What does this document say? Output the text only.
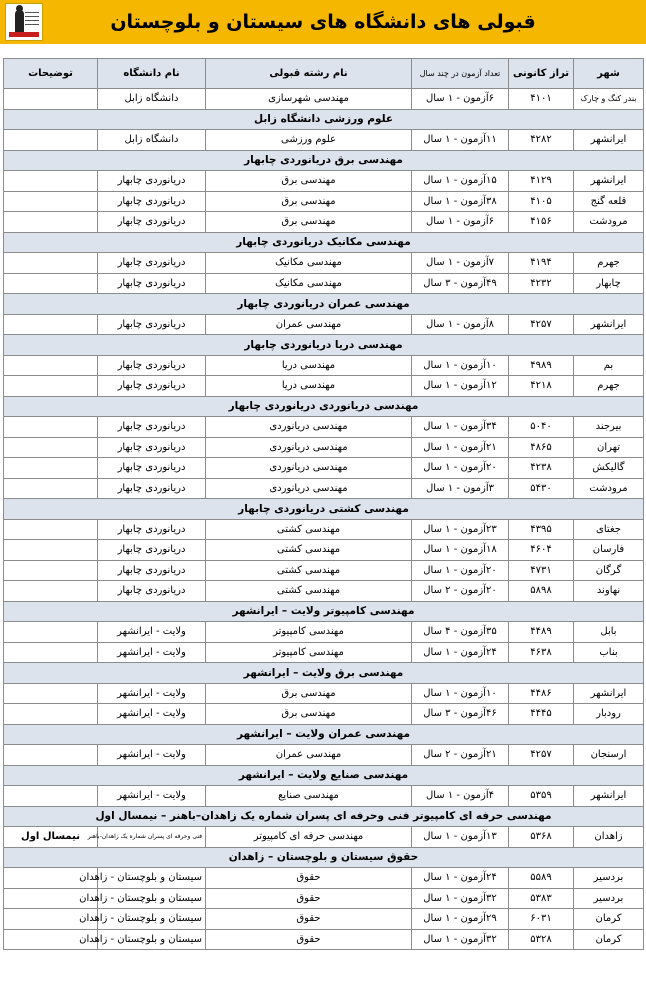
قبولی های دانشگاه های سیستان و بلوچستان
شهر	تراز کانونی	تعداد آزمون در چند سال	نام رشته قبولی	نام دانشگاه	توضیحات
بندر کنگ و چارک	۴۱۰۱	۶آزمون - ۱ سال	مهندسی شهرسازی	دانشگاه زابل	
علوم ورزشی دانشگاه زابل					
ایرانشهر	۴۲۸۲	۱۱آزمون - ۱ سال	علوم ورزشی	دانشگاه زابل	
مهندسی برق دریانوردی چابهار					
ایرانشهر	۴۱۲۹	۱۵آزمون - ۱ سال	مهندسی برق	دریانوردی چابهار	
قلعه گنج	۴۱۰۵	۳۸آزمون - ۱ سال	مهندسی برق	دریانوردی چابهار	
مرودشت	۴۱۵۶	۶آزمون - ۱ سال	مهندسی برق	دریانوردی چابهار	
مهندسی مکانیک دریانوردی چابهار					
جهرم	۴۱۹۴	۷آزمون - ۱ سال	مهندسی مکانیک	دریانوردی چابهار	
چابهار	۴۲۳۲	۴۹آزمون - ۳ سال	مهندسی مکانیک	دریانوردی چابهار	
مهندسی عمران دریانوردی چابهار					
ایرانشهر	۴۲۵۷	۸آزمون - ۱ سال	مهندسی عمران	دریانوردی چابهار	
مهندسی دریا دریانوردی چابهار					
بم	۴۹۸۹	۱۰آزمون - ۱ سال	مهندسی دریا	دریانوردی چابهار	
جهرم	۴۲۱۸	۱۲آزمون - ۱ سال	مهندسی دریا	دریانوردی چابهار	
مهندسی دریانوردی دریانوردی چابهار					
بیرجند	۵۰۴۰	۳۴آزمون - ۱ سال	مهندسی دریانوردی	دریانوردی چابهار	
تهران	۴۸۶۵	۲۱آزمون - ۱ سال	مهندسی دریانوردی	دریانوردی چابهار	
گالیکش	۴۲۳۸	۲۰آزمون - ۱ سال	مهندسی دریانوردی	دریانوردی چابهار	
مرودشت	۵۴۳۰	۳آزمون - ۱ سال	مهندسی دریانوردی	دریانوردی چابهار	
مهندسی کشتی دریانوردی چابهار					
جغتای	۴۳۹۵	۲۳آزمون - ۱ سال	مهندسی کشتی	دریانوردی چابهار	
فارسان	۴۶۰۴	۱۸آزمون - ۱ سال	مهندسی کشتی	دریانوردی چابهار	
گرگان	۴۷۳۱	۲۰آزمون - ۱ سال	مهندسی کشتی	دریانوردی چابهار	
نهاوند	۵۸۹۸	۲۰آزمون - ۲ سال	مهندسی کشتی	دریانوردی چابهار	
مهندسی کامپیوتر ولایت – ایرانشهر					
بابل	۴۴۸۹	۳۵آزمون - ۴ سال	مهندسی کامپیوتر	ولایت - ایرانشهر	
بناب	۴۶۳۸	۲۴آزمون - ۱ سال	مهندسی کامپیوتر	ولایت - ایرانشهر	
مهندسی برق ولایت – ایرانشهر					
ایرانشهر	۴۴۸۶	۱۰آزمون - ۱ سال	مهندسی برق	ولایت - ایرانشهر	
رودبار	۴۴۴۵	۴۶آزمون - ۳ سال	مهندسی برق	ولایت - ایرانشهر	
مهندسی عمران ولایت – ایرانشهر					
ارسنجان	۴۲۵۷	۲۱آزمون - ۲ سال	مهندسی عمران	ولایت - ایرانشهر	
مهندسی صنایع ولایت – ایرانشهر					
ایرانشهر	۵۳۵۹	۴آزمون - ۱ سال	مهندسی صنایع	ولایت - ایرانشهر	
مهندسی حرفه ای کامپیوتر فنی وحرفه ای پسران شماره یک زاهدان–باهنر – نیمسال اول					
زاهدان	۵۳۶۸	۱۳آزمون - ۱ سال	مهندسی حرفه ای کامپیوتر	فنی وحرفه ای پسران شماره یک زاهدان-باهنر	نیمسال اول
حقوق سیستان و بلوچستان – زاهدان					
بردسیر	۵۵۸۹	۲۴آزمون - ۱ سال	حقوق	سیستان و بلوچستان - زاهدان	
بردسیر	۵۳۸۳	۳۲آزمون - ۱ سال	حقوق	سیستان و بلوچستان - زاهدان	
کرمان	۶۰۳۱	۲۹آزمون - ۱ سال	حقوق	سیستان و بلوچستان - زاهدان	
کرمان	۵۳۲۸	۳۲آزمون - ۱ سال	حقوق	سیستان و بلوچستان - زاهدان	
